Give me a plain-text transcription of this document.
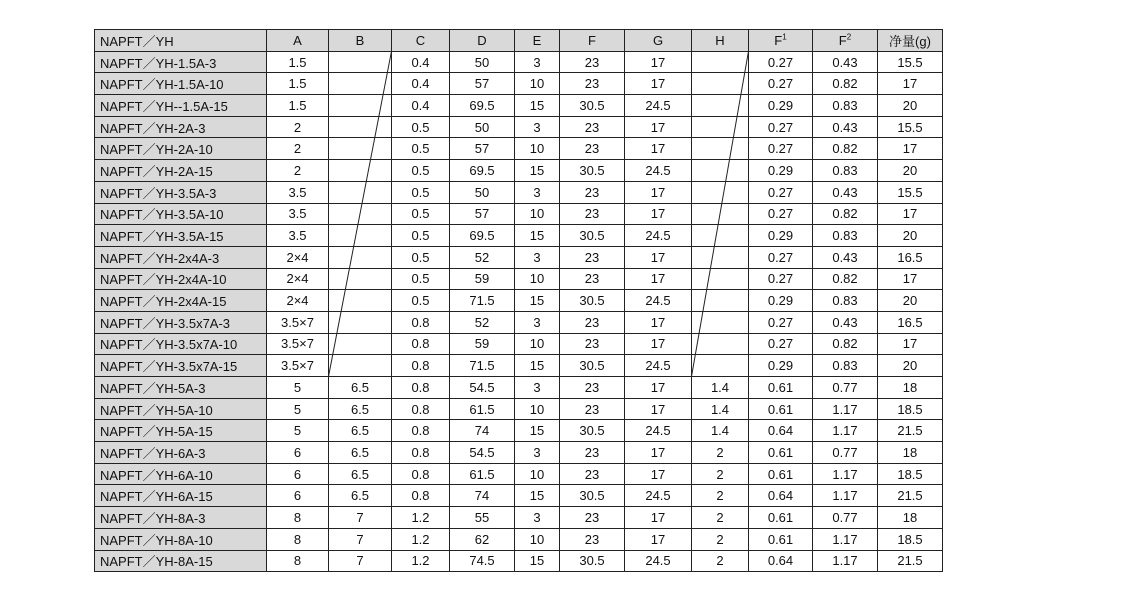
NAPFT／YH	A	B	C	D	E	F	G	H	$F^1$	$F^2$	净量(g)
NAPFT／YH-1.5A-3	1.5		0.4	50	3	23	17		0.27	0.43	15.5
NAPFT／YH-1.5A-10	1.5		0.4	57	10	23	17		0.27	0.82	17
NAPFT／YH--1.5A-15	1.5		0.4	69.5	15	30.5	24.5		0.29	0.83	20
NAPFT／YH-2A-3	2		0.5	50	3	23	17		0.27	0.43	15.5
NAPFT／YH-2A-10	2		0.5	57	10	23	17		0.27	0.82	17
NAPFT／YH-2A-15	2		0.5	69.5	15	30.5	24.5		0.29	0.83	20
NAPFT／YH-3.5A-3	3.5		0.5	50	3	23	17		0.27	0.43	15.5
NAPFT／YH-3.5A-10	3.5		0.5	57	10	23	17		0.27	0.82	17
NAPFT／YH-3.5A-15	3.5		0.5	69.5	15	30.5	24.5		0.29	0.83	20
NAPFT／YH-2x4A-3	2×4		0.5	52	3	23	17		0.27	0.43	16.5
NAPFT／YH-2x4A-10	2×4		0.5	59	10	23	17		0.27	0.82	17
NAPFT／YH-2x4A-15	2×4		0.5	71.5	15	30.5	24.5		0.29	0.83	20
NAPFT／YH-3.5x7A-3	3.5×7		0.8	52	3	23	17		0.27	0.43	16.5
NAPFT／YH-3.5x7A-10	3.5×7		0.8	59	10	23	17		0.27	0.82	17
NAPFT／YH-3.5x7A-15	3.5×7		0.8	71.5	15	30.5	24.5		0.29	0.83	20
NAPFT／YH-5A-3	5	6.5	0.8	54.5	3	23	17	1.4	0.61	0.77	18
NAPFT／YH-5A-10	5	6.5	0.8	61.5	10	23	17	1.4	0.61	1.17	18.5
NAPFT／YH-5A-15	5	6.5	0.8	74	15	30.5	24.5	1.4	0.64	1.17	21.5
NAPFT／YH-6A-3	6	6.5	0.8	54.5	3	23	17	2	0.61	0.77	18
NAPFT／YH-6A-10	6	6.5	0.8	61.5	10	23	17	2	0.61	1.17	18.5
NAPFT／YH-6A-15	6	6.5	0.8	74	15	30.5	24.5	2	0.64	1.17	21.5
NAPFT／YH-8A-3	8	7	1.2	55	3	23	17	2	0.61	0.77	18
NAPFT／YH-8A-10	8	7	1.2	62	10	23	17	2	0.61	1.17	18.5
NAPFT／YH-8A-15	8	7	1.2	74.5	15	30.5	24.5	2	0.64	1.17	21.5
